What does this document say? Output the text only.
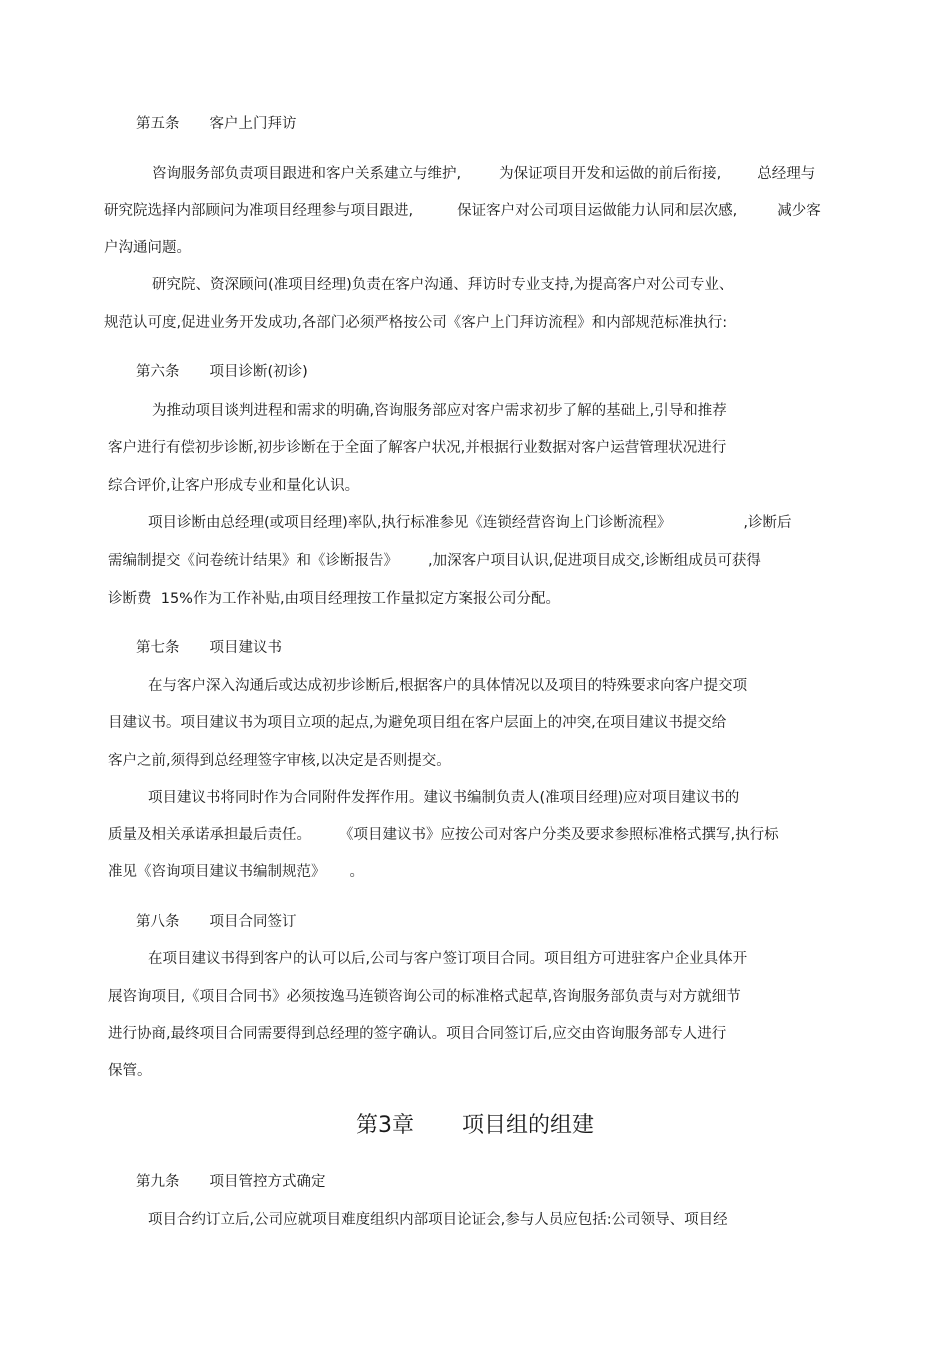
第五条 客户上门拜访
咨询服务部负责项目跟进和客户关系建立与维护,	为保证项目开发和运做的前后衔接, 总经理与
研究院选择内部顾问为准项目经理参与项目跟进,	保证客户对公司项目运做能力认同和层次感,	减少客
户沟通问题。
研究院、资深顾问(准项目经理)负责在客户沟通、拜访时专业支持,为提高客户对公司专业、
规范认可度,促进业务开发成功,各部门必须严格按公司《客户上门拜访流程》和内部规范标准执行:
第六条 项目诊断(初诊)
为推动项目谈判进程和需求的明确,咨询服务部应对客户需求初步了解的基础上,引导和推荐
客户进行有偿初步诊断,初步诊断在于全面了解客户状况,并根据行业数据对客户运营管理状况进行
综合评价,让客户形成专业和量化认识。
项目诊断由总经理(或项目经理)率队,执行标准参见《连锁经营咨询上门诊断流程》	,诊断后
需编制提交《问卷统计结果》和《诊断报告》 ,加深客户项目认识,促进项目成交,诊断组成员可获得
诊断费  15%作为工作补贴,由项目经理按工作量拟定方案报公司分配。
第七条 项目建议书
在与客户深入沟通后或达成初步诊断后,根据客户的具体情况以及项目的特殊要求向客户提交项
目建议书。项目建议书为项目立项的起点,为避免项目组在客户层面上的冲突,在项目建议书提交给
客户之前,须得到总经理签字审核,以决定是否则提交。
项目建议书将同时作为合同附件发挥作用。建议书编制负责人(准项目经理)应对项目建议书的
质量及相关承诺承担最后责任。 《项目建议书》应按公司对客户分类及要求参照标准格式撰写,执行标
准见《咨询项目建议书编制规范》 。
第八条 项目合同签订
在项目建议书得到客户的认可以后,公司与客户签订项目合同。项目组方可进驻客户企业具体开
展咨询项目,《项目合同书》必须按逸马连锁咨询公司的标准格式起草,咨询服务部负责与对方就细节
进行协商,最终项目合同需要得到总经理的签字确认。项目合同签订后,应交由咨询服务部专人进行
保管。
第3章 项目组的组建
第九条 项目管控方式确定
项目合约订立后,公司应就项目难度组织内部项目论证会,参与人员应包括:公司领导、项目经
